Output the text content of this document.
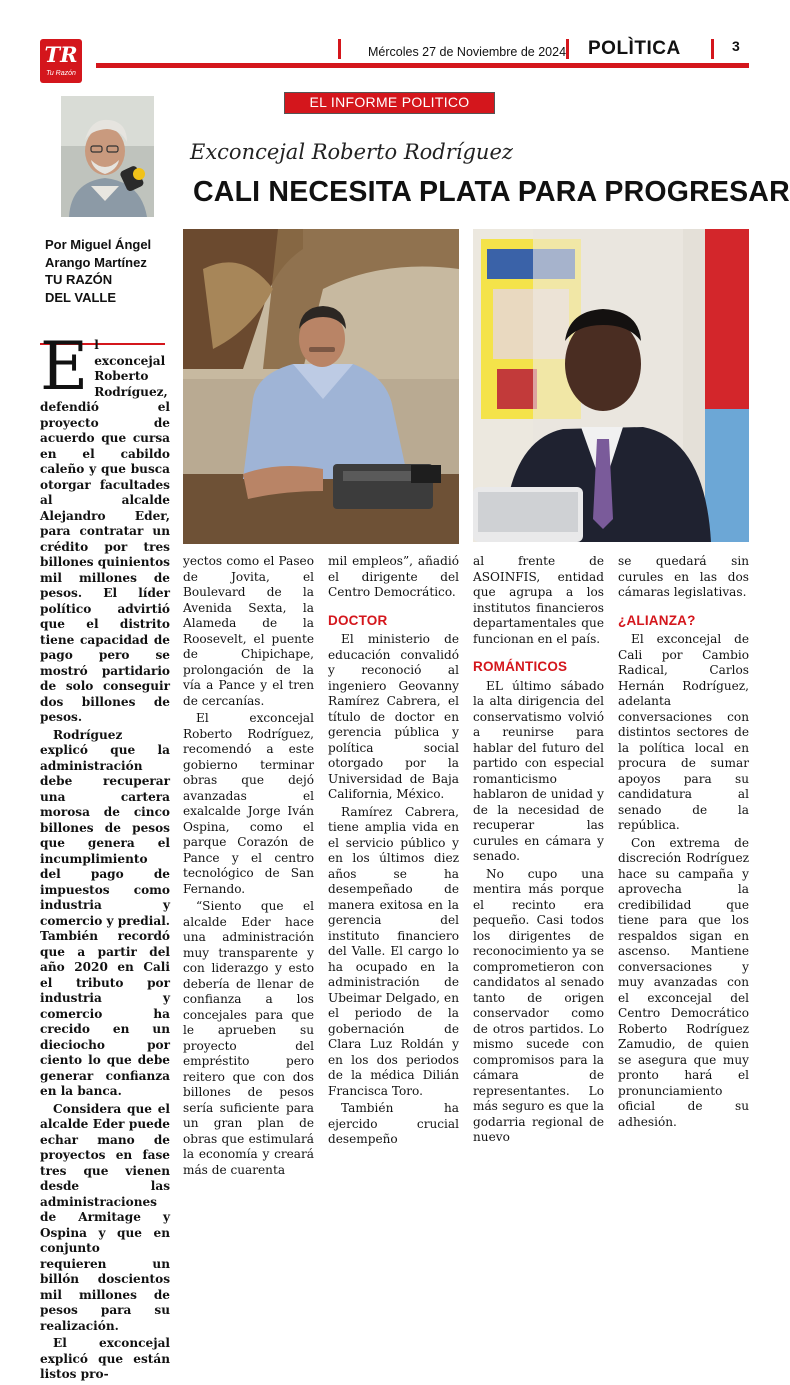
TR
Tu Razón
Mércoles 27 de Noviembre de 2024 POLÌTICA	3
EL INFORME POLITICO
Exconcejal Roberto Rodríguez
CALI NECESITA PLATA PARA PROGRESAR
Por Miguel Ángel
Arango Martínez
TU RAZÓN
DEL VALLE
E l exconcejal Roberto Rodríguez, defendió el proyecto de acuerdo que cursa en el cabildo caleño y que busca otorgar facultades al alcalde Alejandro Eder, para contratar un crédito por tres billones quinientos mil millones de pesos. El líder político advirtió que el distrito tiene capacidad de pago pero se mostró partidario de solo conseguir dos billones de pesos.

Rodríguez explicó que la administración debe recuperar una cartera morosa de cinco billones de pesos que genera el incumplimiento del pago de impuestos como industria y comercio y predial. También recordó que a partir del año 2020 en Cali el tributo por industria y comercio ha crecido en un dieciocho por ciento lo que debe generar confianza en la banca.

Considera que el alcalde Eder puede echar mano de proyectos en fase tres que vienen desde las administraciones de Armitage y Ospina y que en conjunto requieren un billón doscientos mil millones de pesos para su realización.

El exconcejal explicó que están listos pro-

yectos como el Paseo de Jovita, el Boulevard de la Avenida Sexta, la Alameda de la Roosevelt, el puente de Chipichape, prolongación de la vía a Pance y el tren de cercanías.

El exconcejal Roberto Rodríguez, recomendó a este gobierno terminar obras que dejó avanzadas el exalcalde Jorge Iván Ospina, como el parque Corazón de Pance y el centro tecnológico de San Fernando.

“Siento que el alcalde Eder hace una administración muy transparente y con liderazgo y esto debería de llenar de confianza a los concejales para que le aprueben su proyecto del empréstito pero reitero que con dos billones de pesos sería suficiente para un gran plan de obras que estimulará la economía y creará más de cuarenta

mil empleos”, añadió el dirigente del Centro Democrático.

DOCTOR

El ministerio de educación convalidó y reconoció al ingeniero Geovanny Ramírez Cabrera, el título de doctor en gerencia pública y política social otorgado por la Universidad de Baja California, México.

Ramírez Cabrera, tiene amplia vida en el servicio público y en los últimos diez años se ha desempeñado de manera exitosa en la gerencia del instituto financiero del Valle. El cargo lo ha ocupado en la administración de Ubeimar Delgado, en el periodo de la gobernación de Clara Luz Roldán y en los dos periodos de la médica Dilián Francisca Toro.

También ha ejercido crucial desempeño

al frente de ASOINFIS, entidad que agrupa a los institutos financieros departamentales que funcionan en el país.

ROMÁNTICOS

EL último sábado la alta dirigencia del conservatismo volvió a reunirse para hablar del futuro del partido con especial romanticismo hablaron de unidad y de la necesidad de recuperar las curules en cámara y senado.

No cupo una mentira más porque el recinto era pequeño. Casi todos los dirigentes de reconocimiento ya se comprometieron con candidatos al senado tanto de origen conservador como de otros partidos. Lo mismo sucede con compromisos para la cámara de representantes. Lo más seguro es que la godarria regional de nuevo

se quedará sin curules en las dos cámaras legislativas.

¿ALIANZA?

El exconcejal de Cali por Cambio Radical, Carlos Hernán Rodríguez, adelanta conversaciones con distintos sectores de la política local en procura de sumar apoyos para su candidatura al senado de la república.

Con extrema de discreción Rodríguez hace su campaña y aprovecha la credibilidad que tiene para que los respaldos sigan en ascenso. Mantiene conversaciones y muy avanzadas con el exconcejal del Centro Democrático Roberto Rodríguez Zamudio, de quien se asegura que muy pronto hará el pronunciamiento oficial de su adhesión.
